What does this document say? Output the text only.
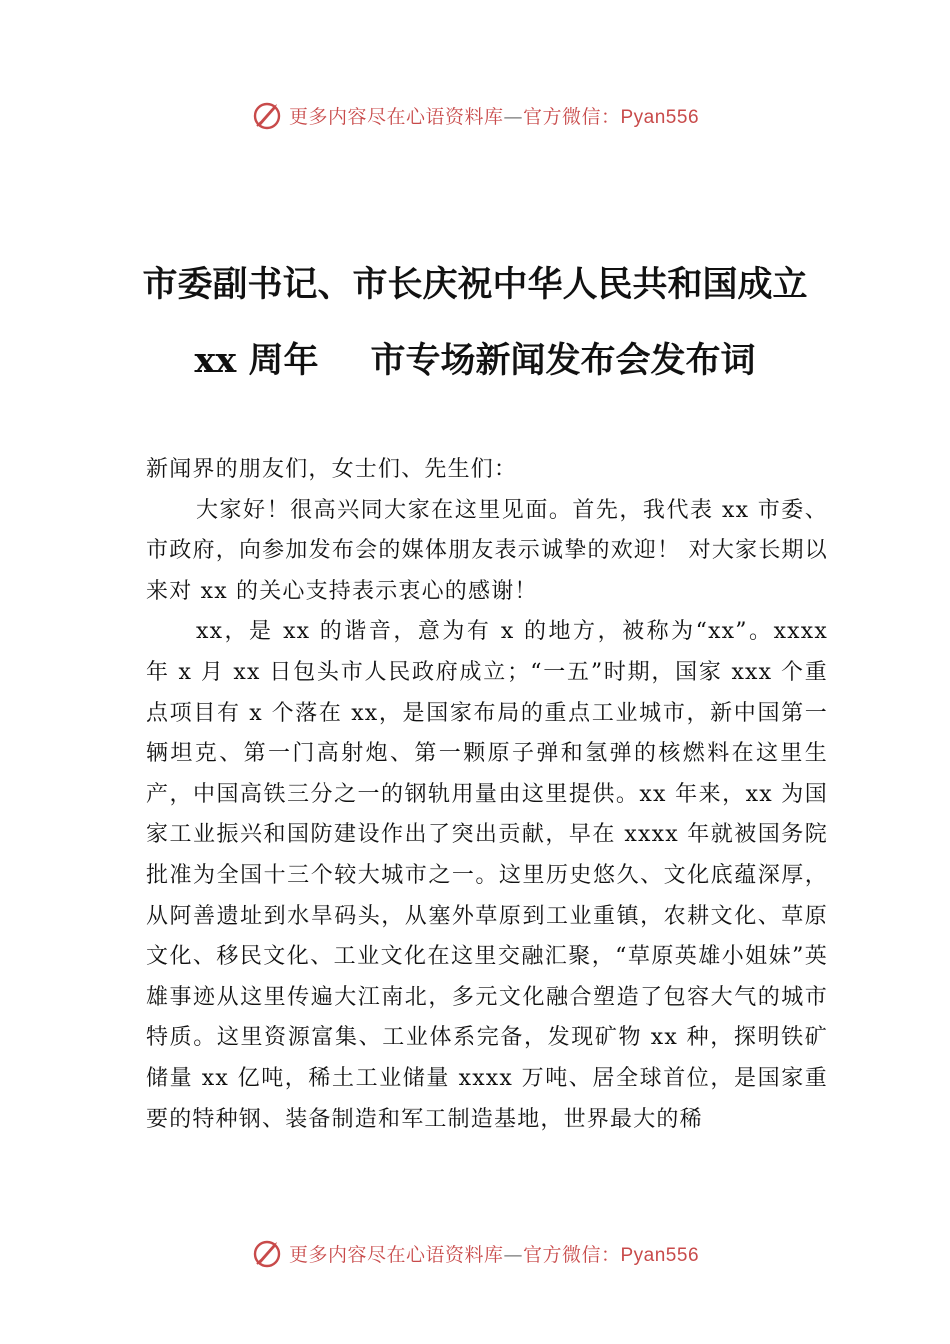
更多内容尽在心语资料库—官方微信：Pyan556
市委副书记、市长庆祝中华人民共和国成立
xx 周年 市专场新闻发布会发布词

新闻界的朋友们，女士们、先生们：

大家好！很高兴同大家在这里见面。首先，我代表 xx 市委、市政府，向参加发布会的媒体朋友表示诚挚的欢迎！ 对大家长期以来对 xx 的关心支持表示衷心的感谢！

xx，是 xx 的谐音，意为有 x 的地方，被称为“xx”。xxxx 年 x 月 xx 日包头市人民政府成立；“一五”时期，国家 xxx 个重点项目有 x 个落在 xx，是国家布局的重点工业城市，新中国第一辆坦克、第一门高射炮、第一颗原子弹和氢弹的核燃料在这里生产，中国高铁三分之一的钢轨用量由这里提供。xx 年来，xx 为国家工业振兴和国防建设作出了突出贡献，早在 xxxx 年就被国务院批准为全国十三个较大城市之一。这里历史悠久、文化底蕴深厚，从阿善遗址到水旱码头，从塞外草原到工业重镇，农耕文化、草原文化、移民文化、工业文化在这里交融汇聚，“草原英雄小姐妹”英雄事迹从这里传遍大江南北，多元文化融合塑造了包容大气的城市特质。这里资源富集、工业体系完备，发现矿物 xx 种，探明铁矿储量 xx 亿吨，稀土工业储量 xxxx 万吨、居全球首位，是国家重要的特种钢、装备制造和军工制造基地，世界最大的稀

更多内容尽在心语资料库—官方微信：Pyan556
